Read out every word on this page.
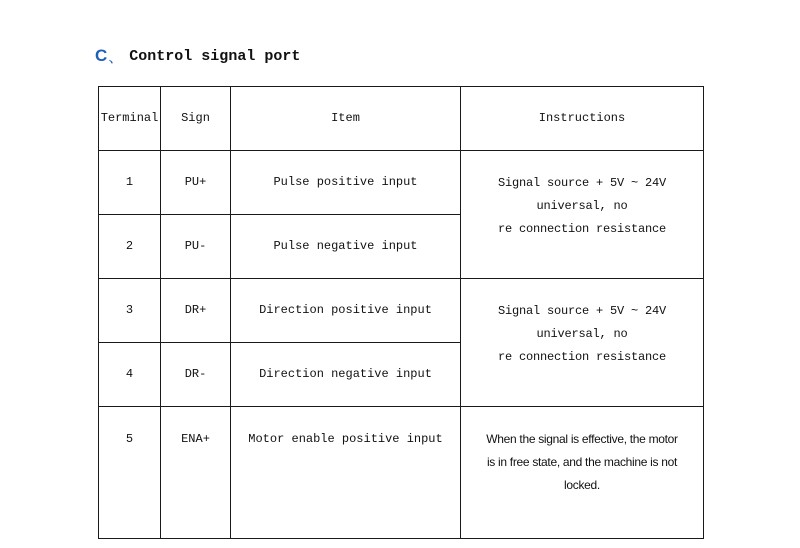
C 、 Control signal port
Terminal	Sign	Item	Instructions
1	PU+	Pulse positive input	Signal source + 5V ~ 24V universal, no
re connection resistance

2	PU-	Pulse negative input	
3	DR+	Direction positive input	Signal source + 5V ~ 24V universal, no
re connection resistance

4	DR-	Direction negative input	
5	ENA+	Motor enable positive input	When the signal is effective, the motor
is in free state, and the machine is not
locked.
